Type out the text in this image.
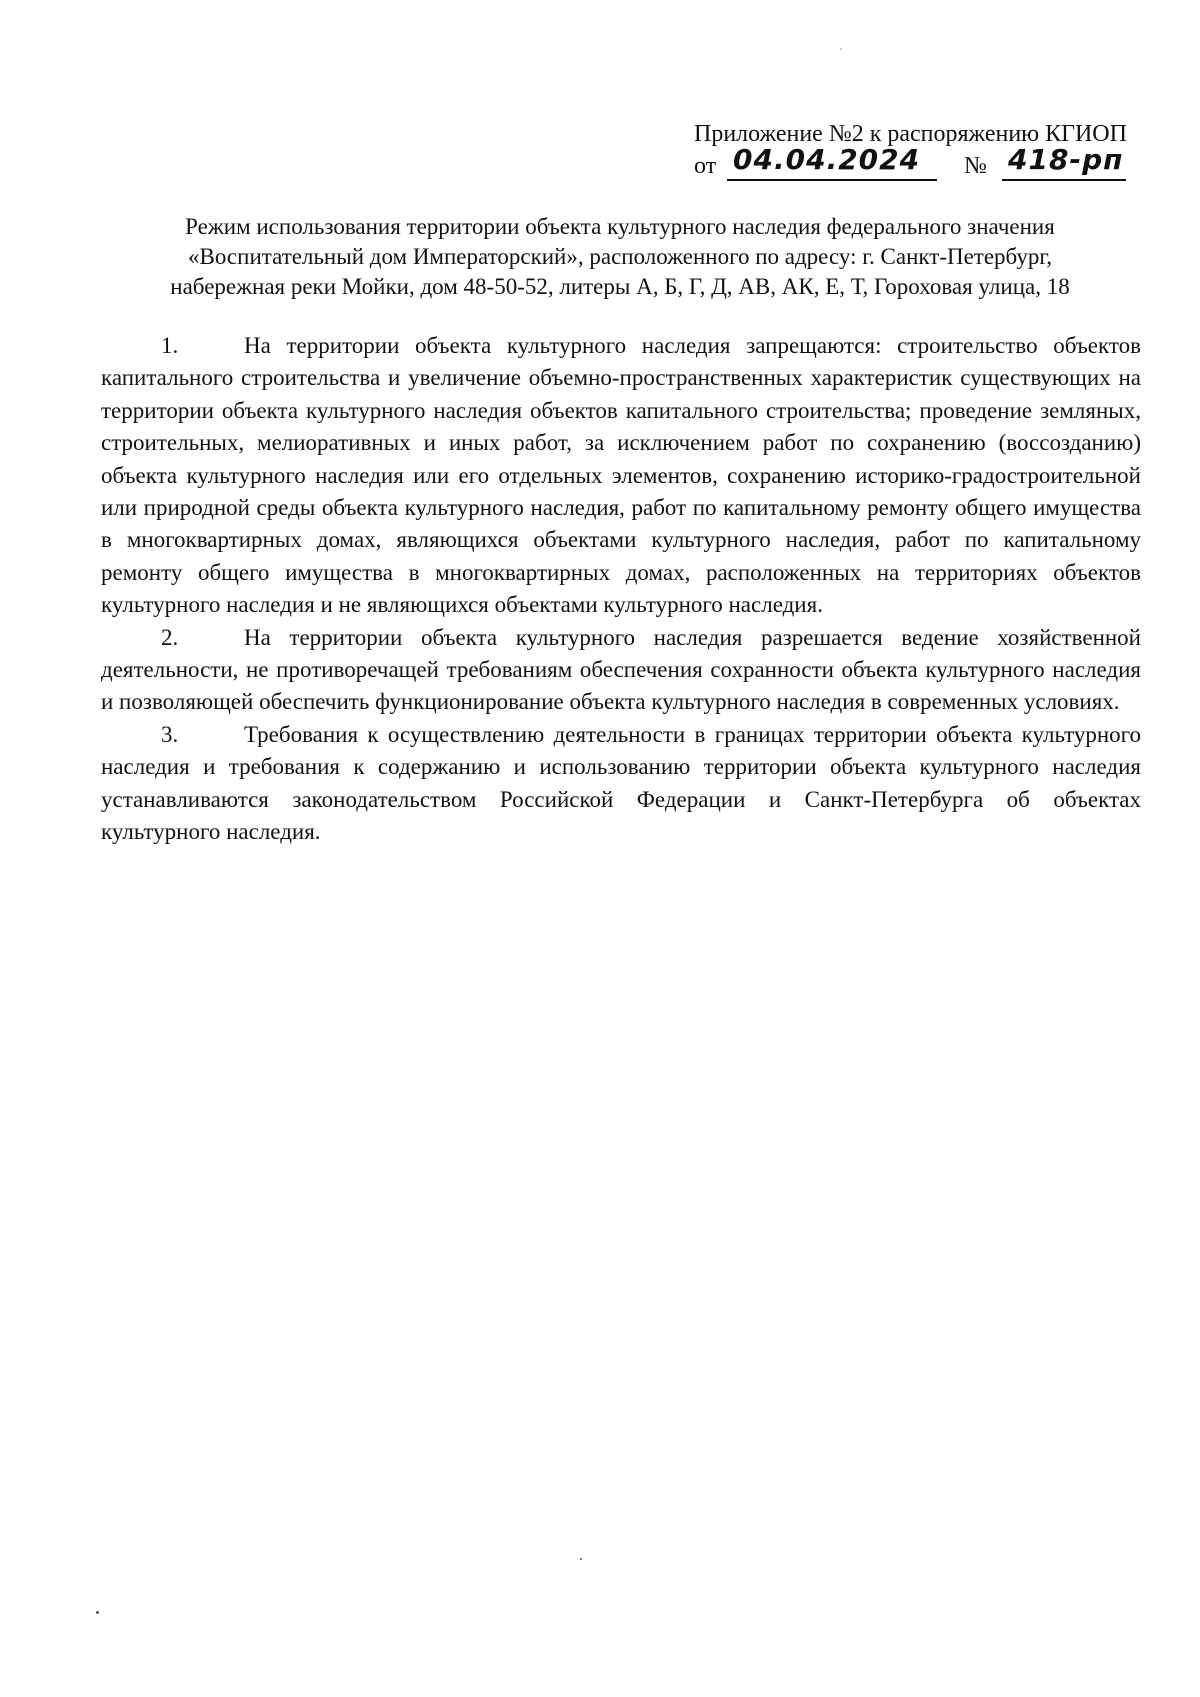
Приложение №2 к распоряжению КГИОП
от 04.04.2024 № 418-рп
Режим использования территории объекта культурного наследия федерального значения
«Воспитательный дом Императорский», расположенного по адресу: г. Санкт-Петербург,
набережная реки Мойки, дом 48-50-52, литеры А, Б, Г, Д, АВ, АК, Е, Т, Гороховая улица, 18

1.	На территории объекта культурного наследия запрещаются: строительство объектов капитального строительства и увеличение объемно-пространственных характеристик существующих на территории объекта культурного наследия объектов капитального строительства; проведение земляных, строительных, мелиоративных и иных работ, за исключением работ по сохранению (воссозданию) объекта культурного наследия или его отдельных элементов, сохранению историко-градостроительной или природной среды объекта культурного наследия, работ по капитальному ремонту общего имущества в многоквартирных домах, являющихся объектами культурного наследия, работ по капитальному ремонту общего имущества в многоквартирных домах, расположенных на территориях объектов культурного наследия и не являющихся объектами культурного наследия.

2.	На территории объекта культурного наследия разрешается ведение хозяйственной деятельности, не противоречащей требованиям обеспечения сохранности объекта культурного наследия и позволяющей обеспечить функционирование объекта культурного наследия в современных условиях.

3.	Требования к осуществлению деятельности в границах территории объекта культурного наследия и требования к содержанию и использованию территории объекта культурного наследия устанавливаются законодательством Российской Федерации и Санкт-Петербурга об объектах культурного наследия.
